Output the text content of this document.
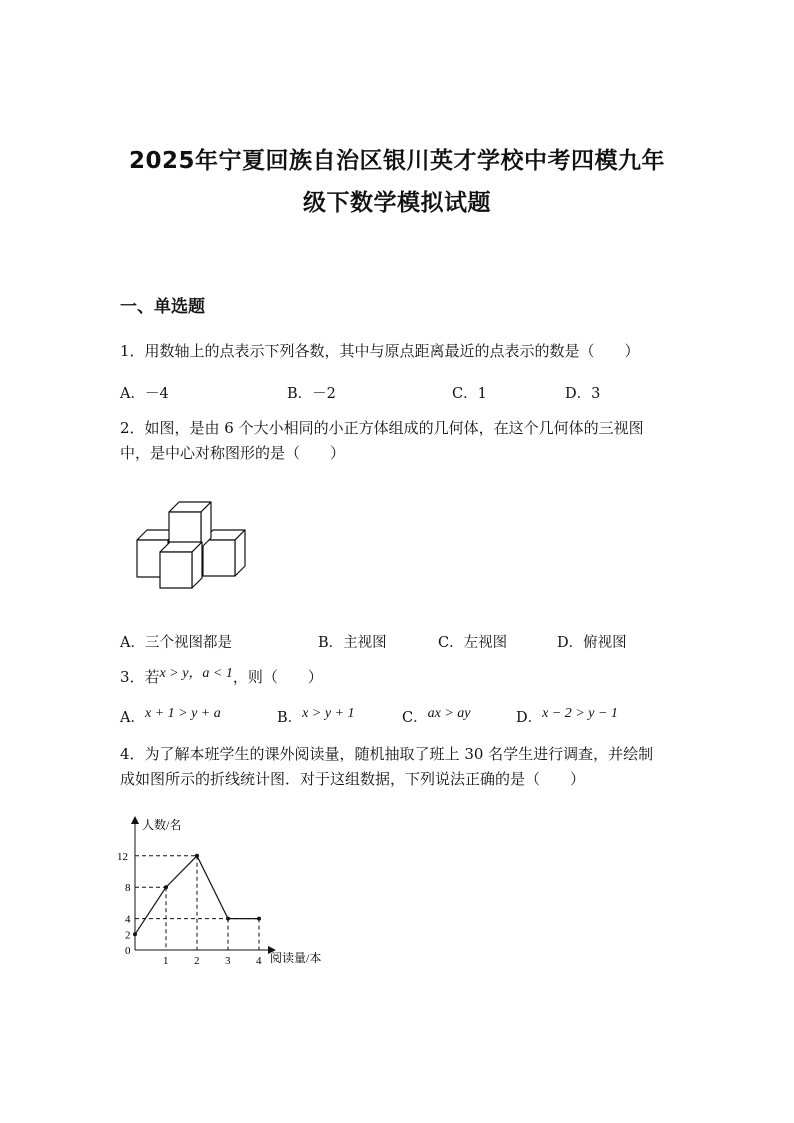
2025年宁夏回族自治区银川英才学校中考四模九年
级下数学模拟试题
一、单选题
1．用数轴上的点表示下列各数，其中与原点距离最近的点表示的数是（　　）
A．－4	B．－2	C．1	D．3
2．如图，是由 6 个大小相同的小正方体组成的几何体，在这个几何体的三视图
中，是中心对称图形的是（　　）
A．三个视图都是	B．主视图	C．左视图	D．俯视图
3．若x > y，a < 1，则（　　）
A．x + 1 > y + a	B．x > y + 1	C．ax > ay	D．x − 2 > y − 1
4．为了解本班学生的课外阅读量，随机抽取了班上 30 名学生进行调查，并绘制
成如图所示的折线统计图．对于这组数据，下列说法正确的是（　　）
人数/名
阅读量/本
0
1 2 3 4
2
4
8
12
